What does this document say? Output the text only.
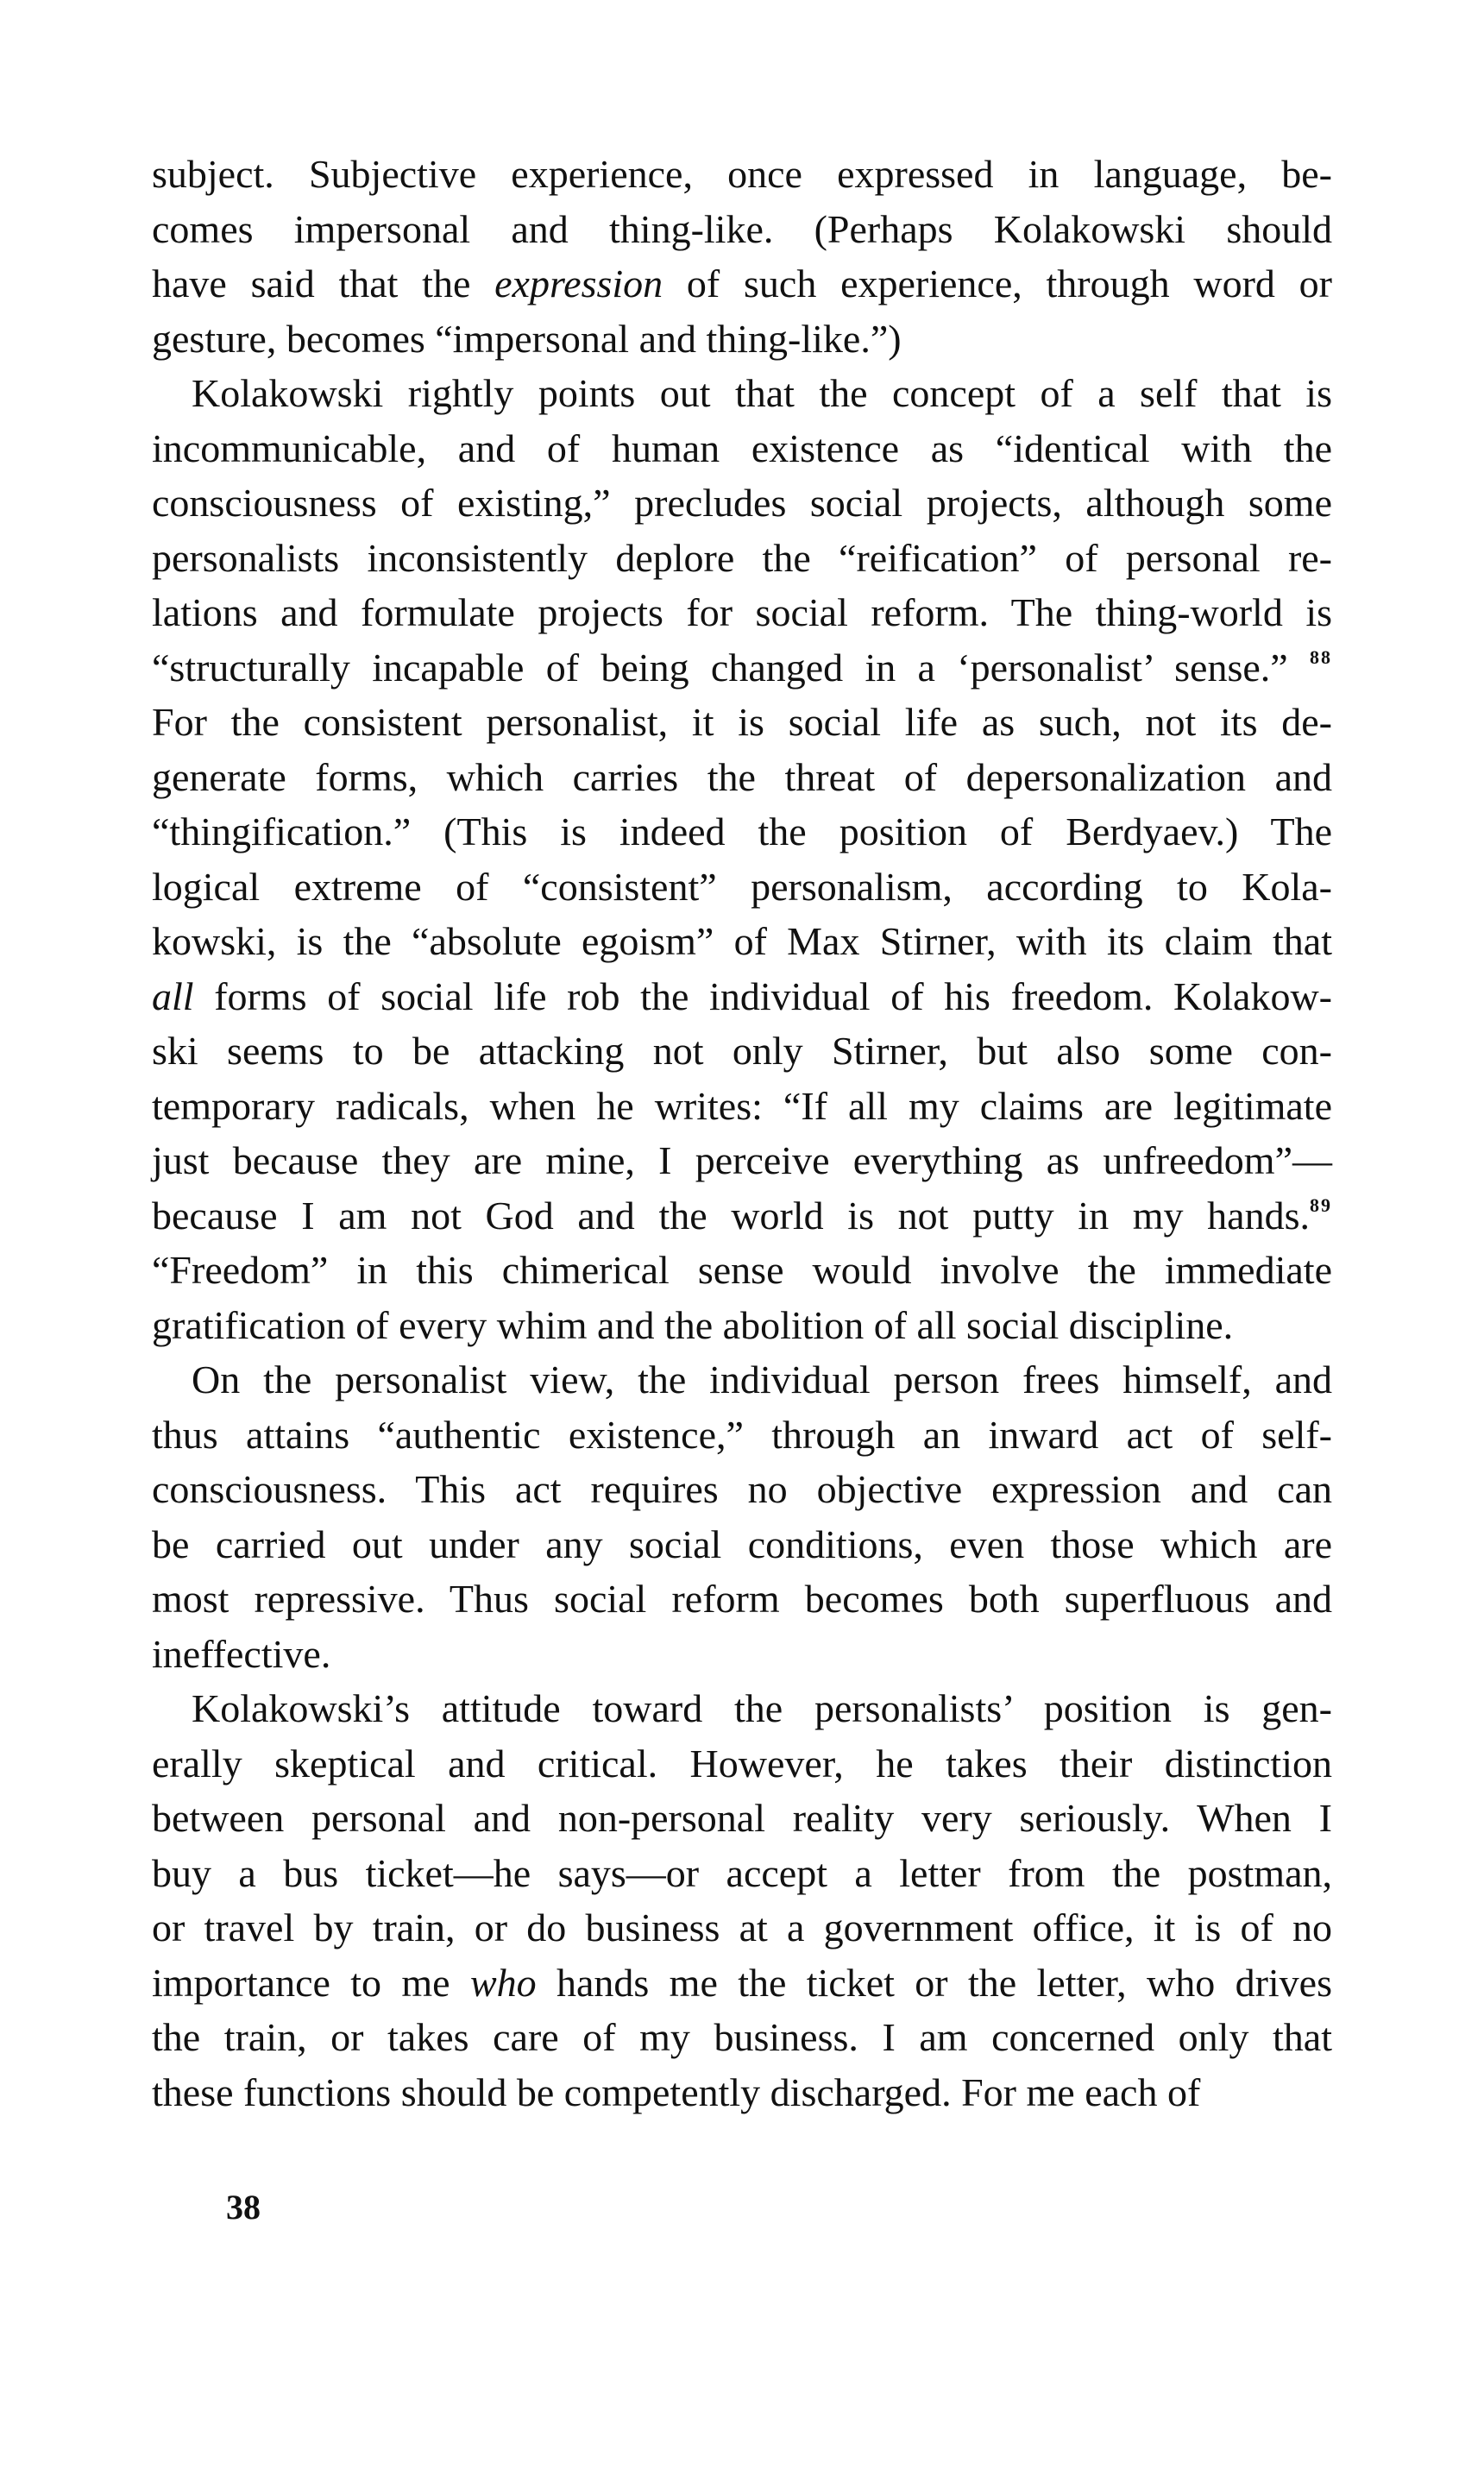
subject. Subjective experience, once expressed in language, be-
comes impersonal and thing-like. (Perhaps Kolakowski should
have said that the expression of such experience, through word or
gesture, becomes “impersonal and thing-like.”)
Kolakowski rightly points out that the concept of a self that is
incommunicable, and of human existence as “identical with the
consciousness of existing,” precludes social projects, although some
personalists inconsistently deplore the “reification” of personal re-
lations and formulate projects for social reform. The thing-world is
“structurally incapable of being changed in a ‘personalist’ sense.” $^{88}$
For the consistent personalist, it is social life as such, not its de-
generate forms, which carries the threat of depersonalization and
“thingification.” (This is indeed the position of Berdyaev.) The
logical extreme of “consistent” personalism, according to Kola-
kowski, is the “absolute egoism” of Max Stirner, with its claim that
all forms of social life rob the individual of his freedom. Kolakow-
ski seems to be attacking not only Stirner, but also some con-
temporary radicals, when he writes: “If all my claims are legitimate
just because they are mine, I perceive everything as unfreedom”—
because I am not God and the world is not putty in my hands.$^{89}$
“Freedom” in this chimerical sense would involve the immediate
gratification of every whim and the abolition of all social discipline.
On the personalist view, the individual person frees himself, and
thus attains “authentic existence,” through an inward act of self-
consciousness. This act requires no objective expression and can
be carried out under any social conditions, even those which are
most repressive. Thus social reform becomes both superfluous and
ineffective.
Kolakowski’s attitude toward the personalists’ position is gen-
erally skeptical and critical. However, he takes their distinction
between personal and non-personal reality very seriously. When I
buy a bus ticket—he says—or accept a letter from the postman,
or travel by train, or do business at a government office, it is of no
importance to me who hands me the ticket or the letter, who drives
the train, or takes care of my business. I am concerned only that
these functions should be competently discharged. For me each of
38
